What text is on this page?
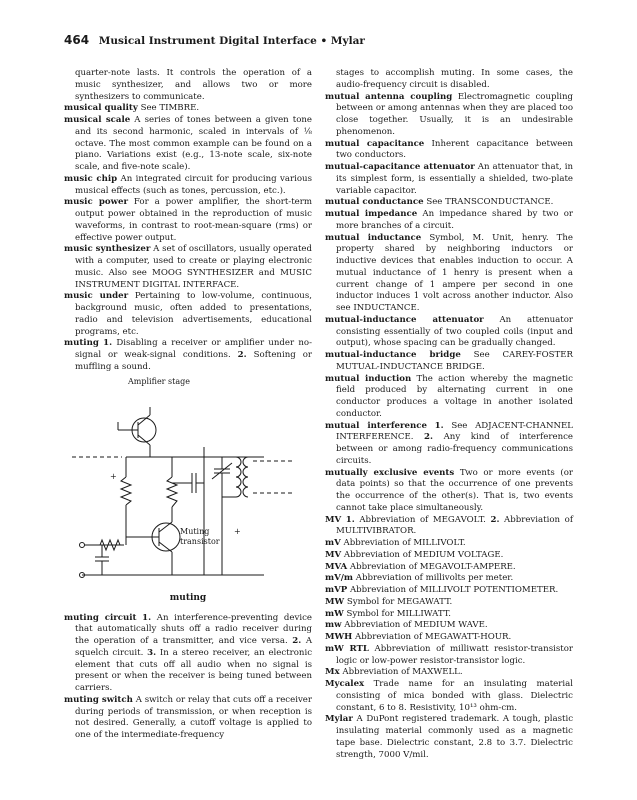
464 Musical Instrument Digital Interface • Mylar

quarter-note lasts. It controls the operation of a music synthesizer, and allows two or more synthesizers to communicate.

musical quality See TIMBRE.

musical scale A series of tones between a given tone and its second harmonic, scaled in intervals of ⅛ octave. The most common example can be found on a piano. Variations exist (e.g., 13-note scale, six-note scale, and five-note scale).

music chip An integrated circuit for producing various musical effects (such as tones, percussion, etc.).

music power For a power amplifier, the short-term output power obtained in the reproduction of music waveforms, in contrast to root-mean-square (rms) or effective power output.

music synthesizer A set of oscillators, usually operated with a computer, used to create or playing electronic music. Also see MOOG SYNTHESIZER and MUSIC INSTRUMENT DIGITAL INTERFACE.

music under Pertaining to low-volume, continuous, background music, often added to presentations, radio and television advertisements, educational programs, etc.

muting 1. Disabling a receiver or amplifier under no-signal or weak-signal conditions. 2. Softening or muffling a sound.

Amplifier stage
Muting transistor
+
+
muting

muting circuit 1. An interference-preventing device that automatically shuts off a radio receiver during the operation of a transmitter, and vice versa. 2. A squelch circuit. 3. In a stereo receiver, an electronic element that cuts off all audio when no signal is present or when the receiver is being tuned between carriers.

muting switch A switch or relay that cuts off a receiver during periods of transmission, or when reception is not desired. Generally, a cutoff voltage is applied to one of the intermediate-frequency

stages to accomplish muting. In some cases, the audio-frequency circuit is disabled.

mutual antenna coupling Electromagnetic coupling between or among antennas when they are placed too close together. Usually, it is an undesirable phenomenon.

mutual capacitance Inherent capacitance between two conductors.

mutual-capacitance attenuator An attenuator that, in its simplest form, is essentially a shielded, two-plate variable capacitor.

mutual conductance See TRANSCONDUCTANCE.

mutual impedance An impedance shared by two or more branches of a circuit.

mutual inductance Symbol, M. Unit, henry. The property shared by neighboring inductors or inductive devices that enables induction to occur. A mutual inductance of 1 henry is present when a current change of 1 ampere per second in one inductor induces 1 volt across another inductor. Also see INDUCTANCE.

mutual-inductance attenuator An attenuator consisting essentially of two coupled coils (input and output), whose spacing can be gradually changed.

mutual-inductance bridge See CAREY-FOSTER MUTUAL-INDUCTANCE BRIDGE.

mutual induction The action whereby the magnetic field produced by alternating current in one conductor produces a voltage in another isolated conductor.

mutual interference 1. See ADJACENT-CHANNEL INTERFERENCE. 2. Any kind of interference between or among radio-frequency communications circuits.

mutually exclusive events Two or more events (or data points) so that the occurrence of one prevents the occurrence of the other(s). That is, two events cannot take place simultaneously.

MV 1. Abbreviation of MEGAVOLT. 2. Abbreviation of MULTIVIBRATOR.

mV Abbreviation of MILLIVOLT.

MV Abbreviation of MEDIUM VOLTAGE.

MVA Abbreviation of MEGAVOLT-AMPERE.

mV/m Abbreviation of millivolts per meter.

mVP Abbreviation of MILLIVOLT POTENTIOMETER.

MW Symbol for MEGAWATT.

mW Symbol for MILLIWATT.

mw Abbreviation of MEDIUM WAVE.

MWH Abbreviation of MEGAWATT-HOUR.

mW RTL Abbreviation of milliwatt resistor-transistor logic or low-power resistor-transistor logic.

Mx Abbreviation of MAXWELL.

Mycalex Trade name for an insulating material consisting of mica bonded with glass. Dielectric constant, 6 to 8. Resistivity, 10¹³ ohm-cm.

Mylar A DuPont registered trademark. A tough, plastic insulating material commonly used as a magnetic tape base. Dielectric constant, 2.8 to 3.7. Dielectric strength, 7000 V/mil.
